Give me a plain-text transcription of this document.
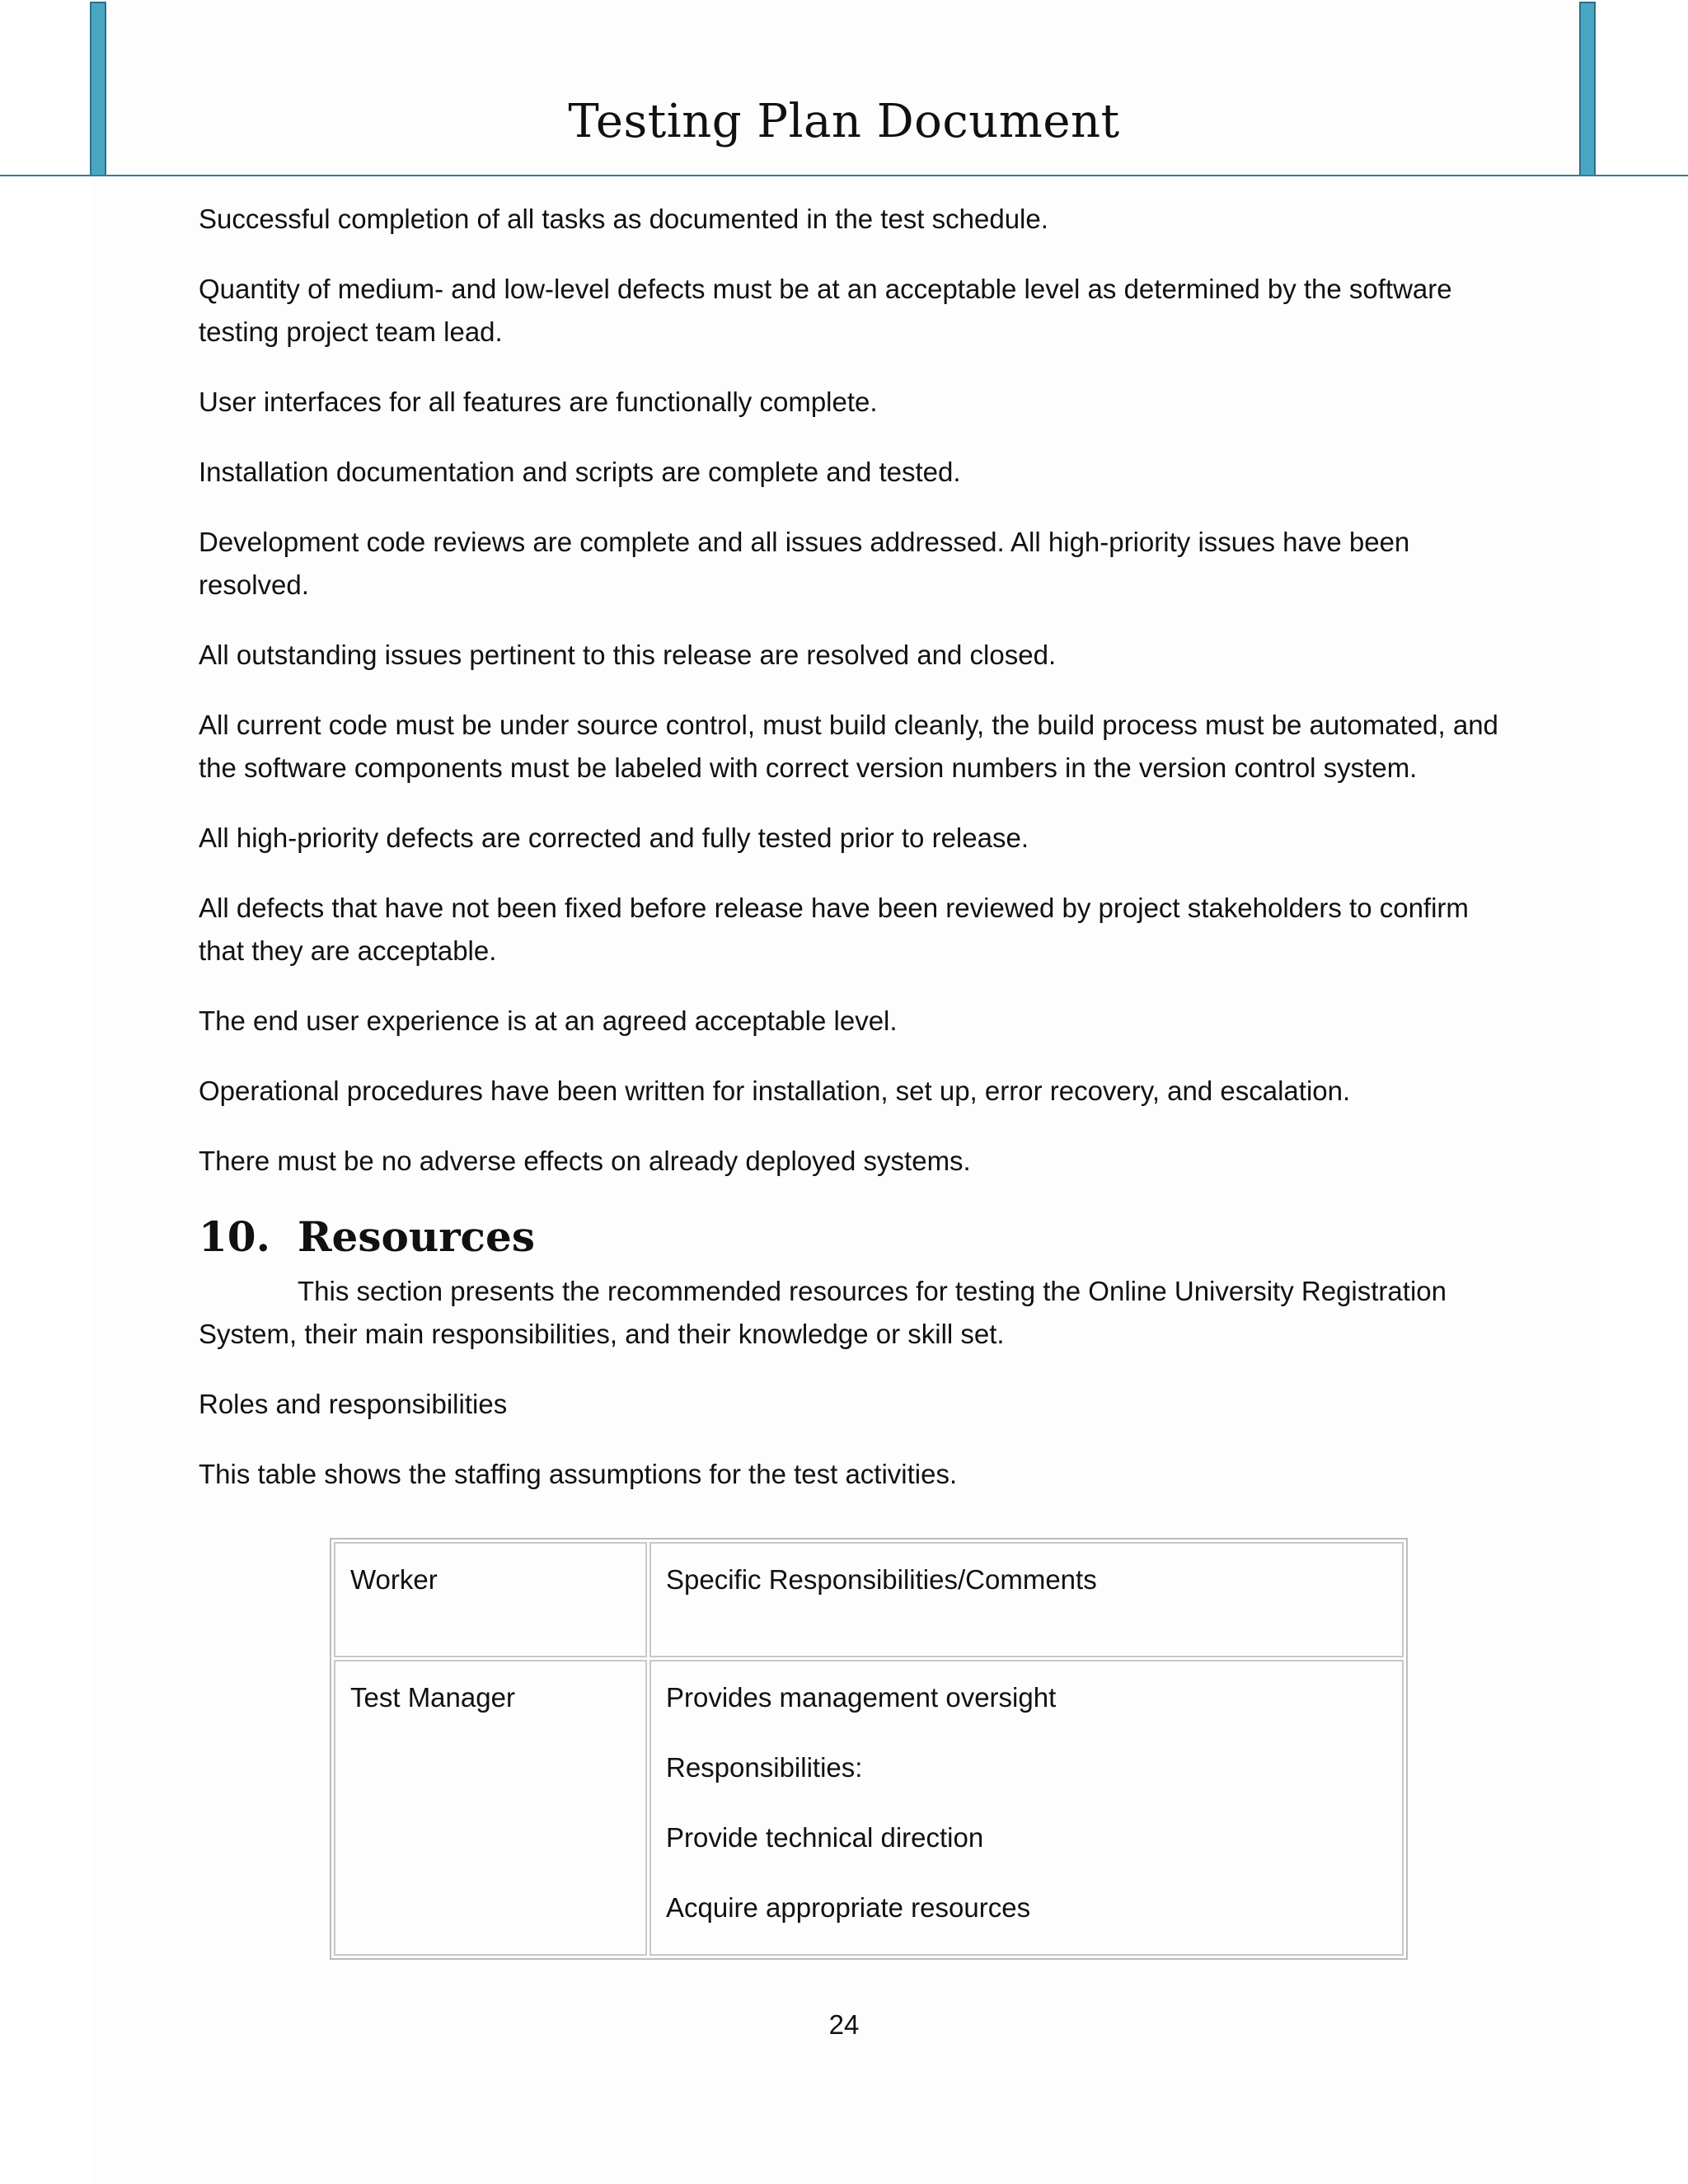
Testing Plan Document

Successful completion of all tasks as documented in the test schedule.

Quantity of medium- and low-level defects must be at an acceptable level as determined by the software testing project team lead.

User interfaces for all features are functionally complete.

Installation documentation and scripts are complete and tested.

Development code reviews are complete and all issues addressed. All high-priority issues have been resolved.

All outstanding issues pertinent to this release are resolved and closed.

All current code must be under source control, must build cleanly, the build process must be automated, and the software components must be labeled with correct version numbers in the version control system.

All high-priority defects are corrected and fully tested prior to release.

All defects that have not been fixed before release have been reviewed by project stakeholders to confirm that they are acceptable.

The end user experience is at an agreed acceptable level.

Operational procedures have been written for installation, set up, error recovery, and escalation.

There must be no adverse effects on already deployed systems.

10. Resources

This section presents the recommended resources for testing the Online University Registration System, their main responsibilities, and their knowledge or skill set.

Roles and responsibilities

This table shows the staffing assumptions for the test activities.

Worker	Specific Responsibilities/Comments
Test Manager	Provides management oversight
Responsibilities:
Provide technical direction
Acquire appropriate resources
24
